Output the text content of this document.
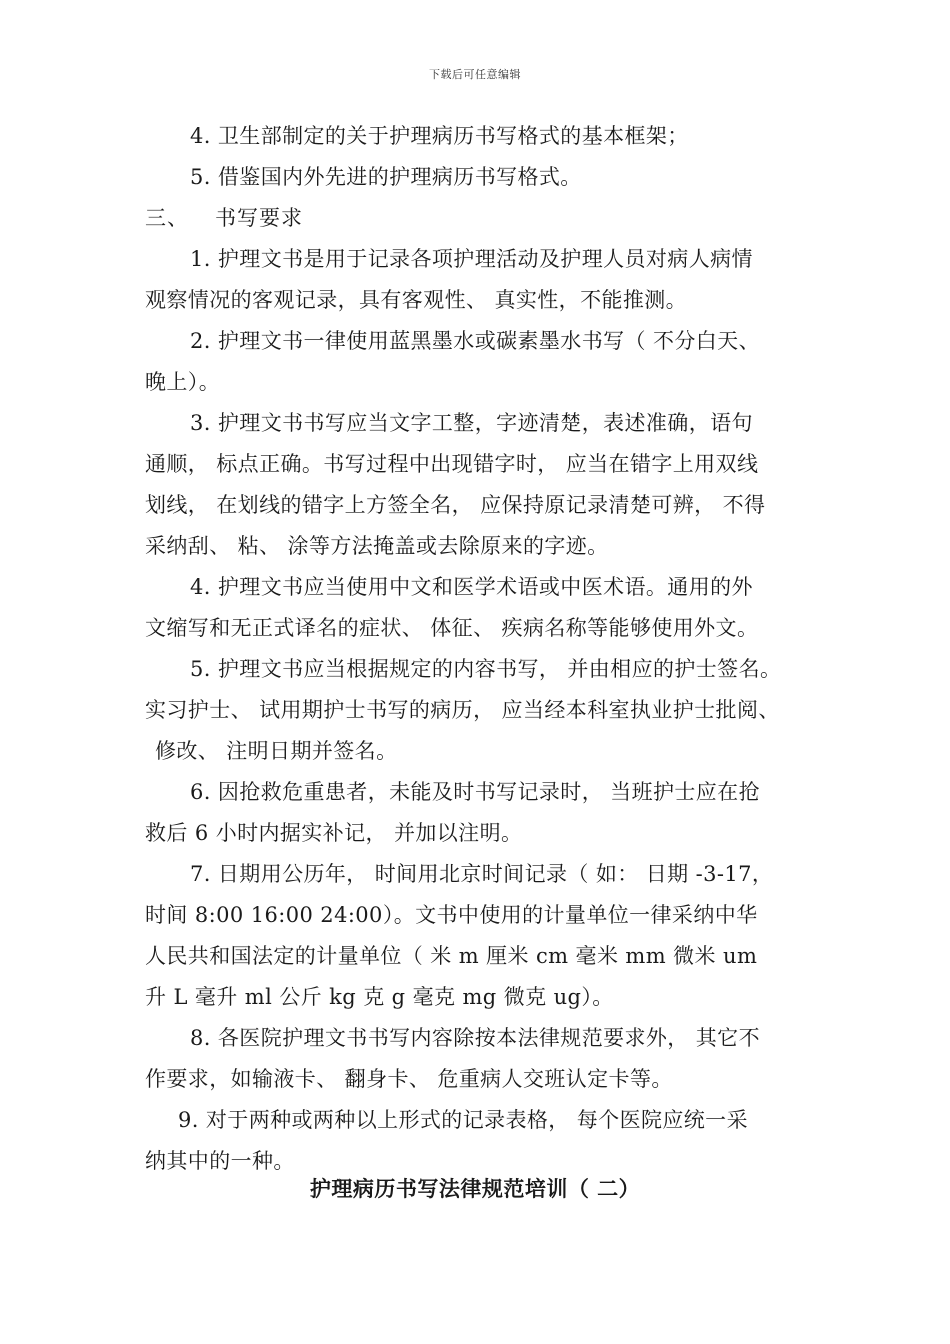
下载后可任意编辑
4. 卫生部制定的关于护理病历书写格式的基本框架；
5. 借鉴国内外先进的护理病历书写格式。
三、 书写要求
1. 护理文书是用于记录各项护理活动及护理人员对病人病情
观察情况的客观记录，具有客观性、 真实性，不能推测。
2. 护理文书一律使用蓝黑墨水或碳素墨水书写（ 不分白天、
晚上）。
3. 护理文书书写应当文字工整，字迹清楚，表述准确，语句
通顺， 标点正确。书写过程中出现错字时， 应当在错字上用双线
划线， 在划线的错字上方签全名， 应保持原记录清楚可辨， 不得
采纳刮、 粘、 涂等方法掩盖或去除原来的字迹。
4. 护理文书应当使用中文和医学术语或中医术语。通用的外
文缩写和无正式译名的症状、 体征、 疾病名称等能够使用外文。
5. 护理文书应当根据规定的内容书写， 并由相应的护士签名。
实习护士、 试用期护士书写的病历， 应当经本科室执业护士批阅、
修改、 注明日期并签名。
6. 因抢救危重患者，未能及时书写记录时， 当班护士应在抢
救后 6 小时内据实补记， 并加以注明。
7. 日期用公历年， 时间用北京时间记录（ 如： 日期 -3-17，
时间 8:00 16:00 24:00）。文书中使用的计量单位一律采纳中华
人民共和国法定的计量单位（ 米 m 厘米 cm 毫米 mm 微米 um
升 L 毫升 ml 公斤 kg 克 g 毫克 mg 微克 ug）。
8. 各医院护理文书书写内容除按本法律规范要求外， 其它不
作要求，如输液卡、 翻身卡、 危重病人交班认定卡等。
9. 对于两种或两种以上形式的记录表格， 每个医院应统一采
纳其中的一种。
护理病历书写法律规范培训（ 二）
